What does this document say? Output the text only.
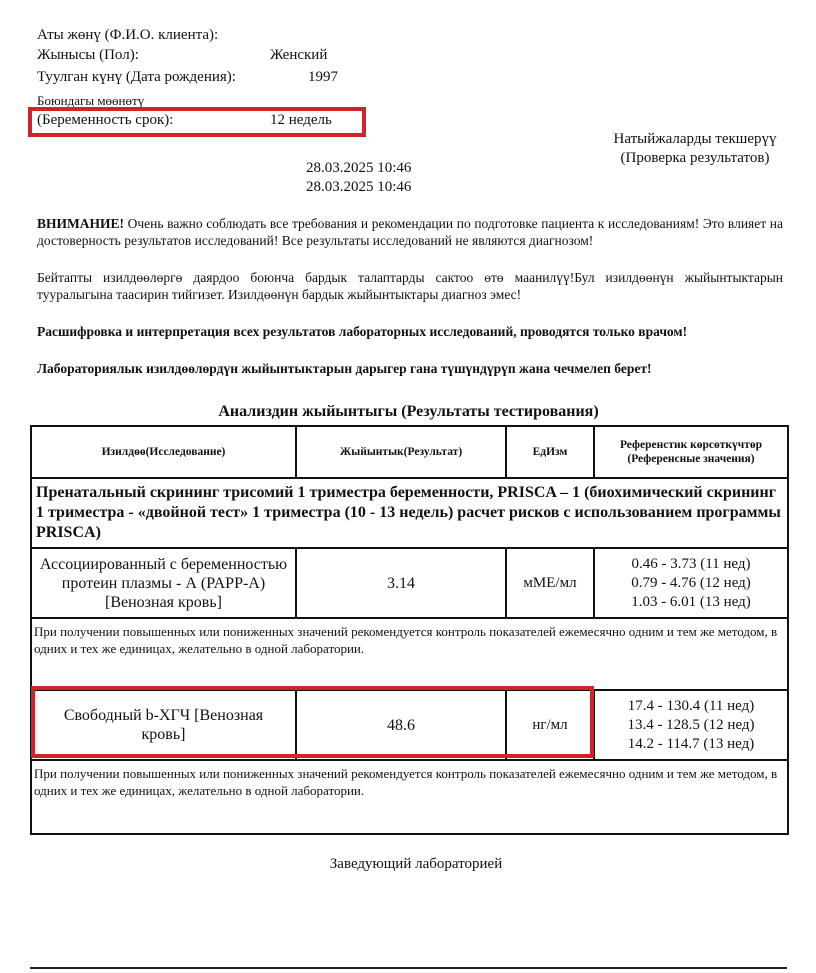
Аты жөнү (Ф.И.О. клиента):
Жынысы (Пол):	Женский
Туулган күнү (Дата рождения):	1997
Боюндагы мөөнөтү
(Беременность срок):	12 недель
Натыйжаларды текшерүү
(Проверка результатов)
28.03.2025 10:46
28.03.2025 10:46
ВНИМАНИЕ! Очень важно соблюдать все требования и рекомендации по подготовке пациента к исследованиям! Это влияет на достоверность результатов исследований! Все результаты исследований не являются диагнозом!
Бейтапты изилдөөлөргө даярдоо боюнча бардык талаптарды сактоо өтө маанилүү!Бул изилдөөнүн жыйынтыктарын тууралыгына таасирин тийгизет. Изилдөөнүн бардык жыйынтыктары диагноз эмес!
Расшифровка и интерпретация всех результатов лабораторных исследований, проводятся только врачом!
Лабораториялык изилдөөлөрдүн жыйынтыктарын дарыгер гана түшүндүрүп жана чечмелеп берет!
Анализдин жыйынтыгы (Результаты тестирования)
Изилдөө(Исследование)	Жыйынтык(Результат)	ЕдИзм	Референстик көрсөткүчтөр (Референсные значения)
Пренатальный скрининг трисомий 1 триместра беременности, PRISCA – 1 (биохимический скрининг 1 триместра - «двойной тест» 1 триместра (10 - 13 недель) расчет рисков с использованием программы PRISCA)			
Ассоциированный с беременностью протеин плазмы - А (PAPP-A) [Венозная кровь]	3.14	мМЕ/мл	0.46 - 3.73 (11 нед)
0.79 - 4.76 (12 нед)
1.03 - 6.01 (13 нед)

При получении повышенных или пониженных значений рекомендуется контроль показателей ежемесячно одним и тем же методом, в одних и тех же единицах, желательно в одной лаборатории.			
Свободный b-ХГЧ [Венозная кровь]	48.6	нг/мл	17.4 - 130.4 (11 нед)
13.4 - 128.5 (12 нед)
14.2 - 114.7 (13 нед)

При получении повышенных или пониженных значений рекомендуется контроль показателей ежемесячно одним и тем же методом, в одних и тех же единицах, желательно в одной лаборатории.			
Заведующий лабораторией
